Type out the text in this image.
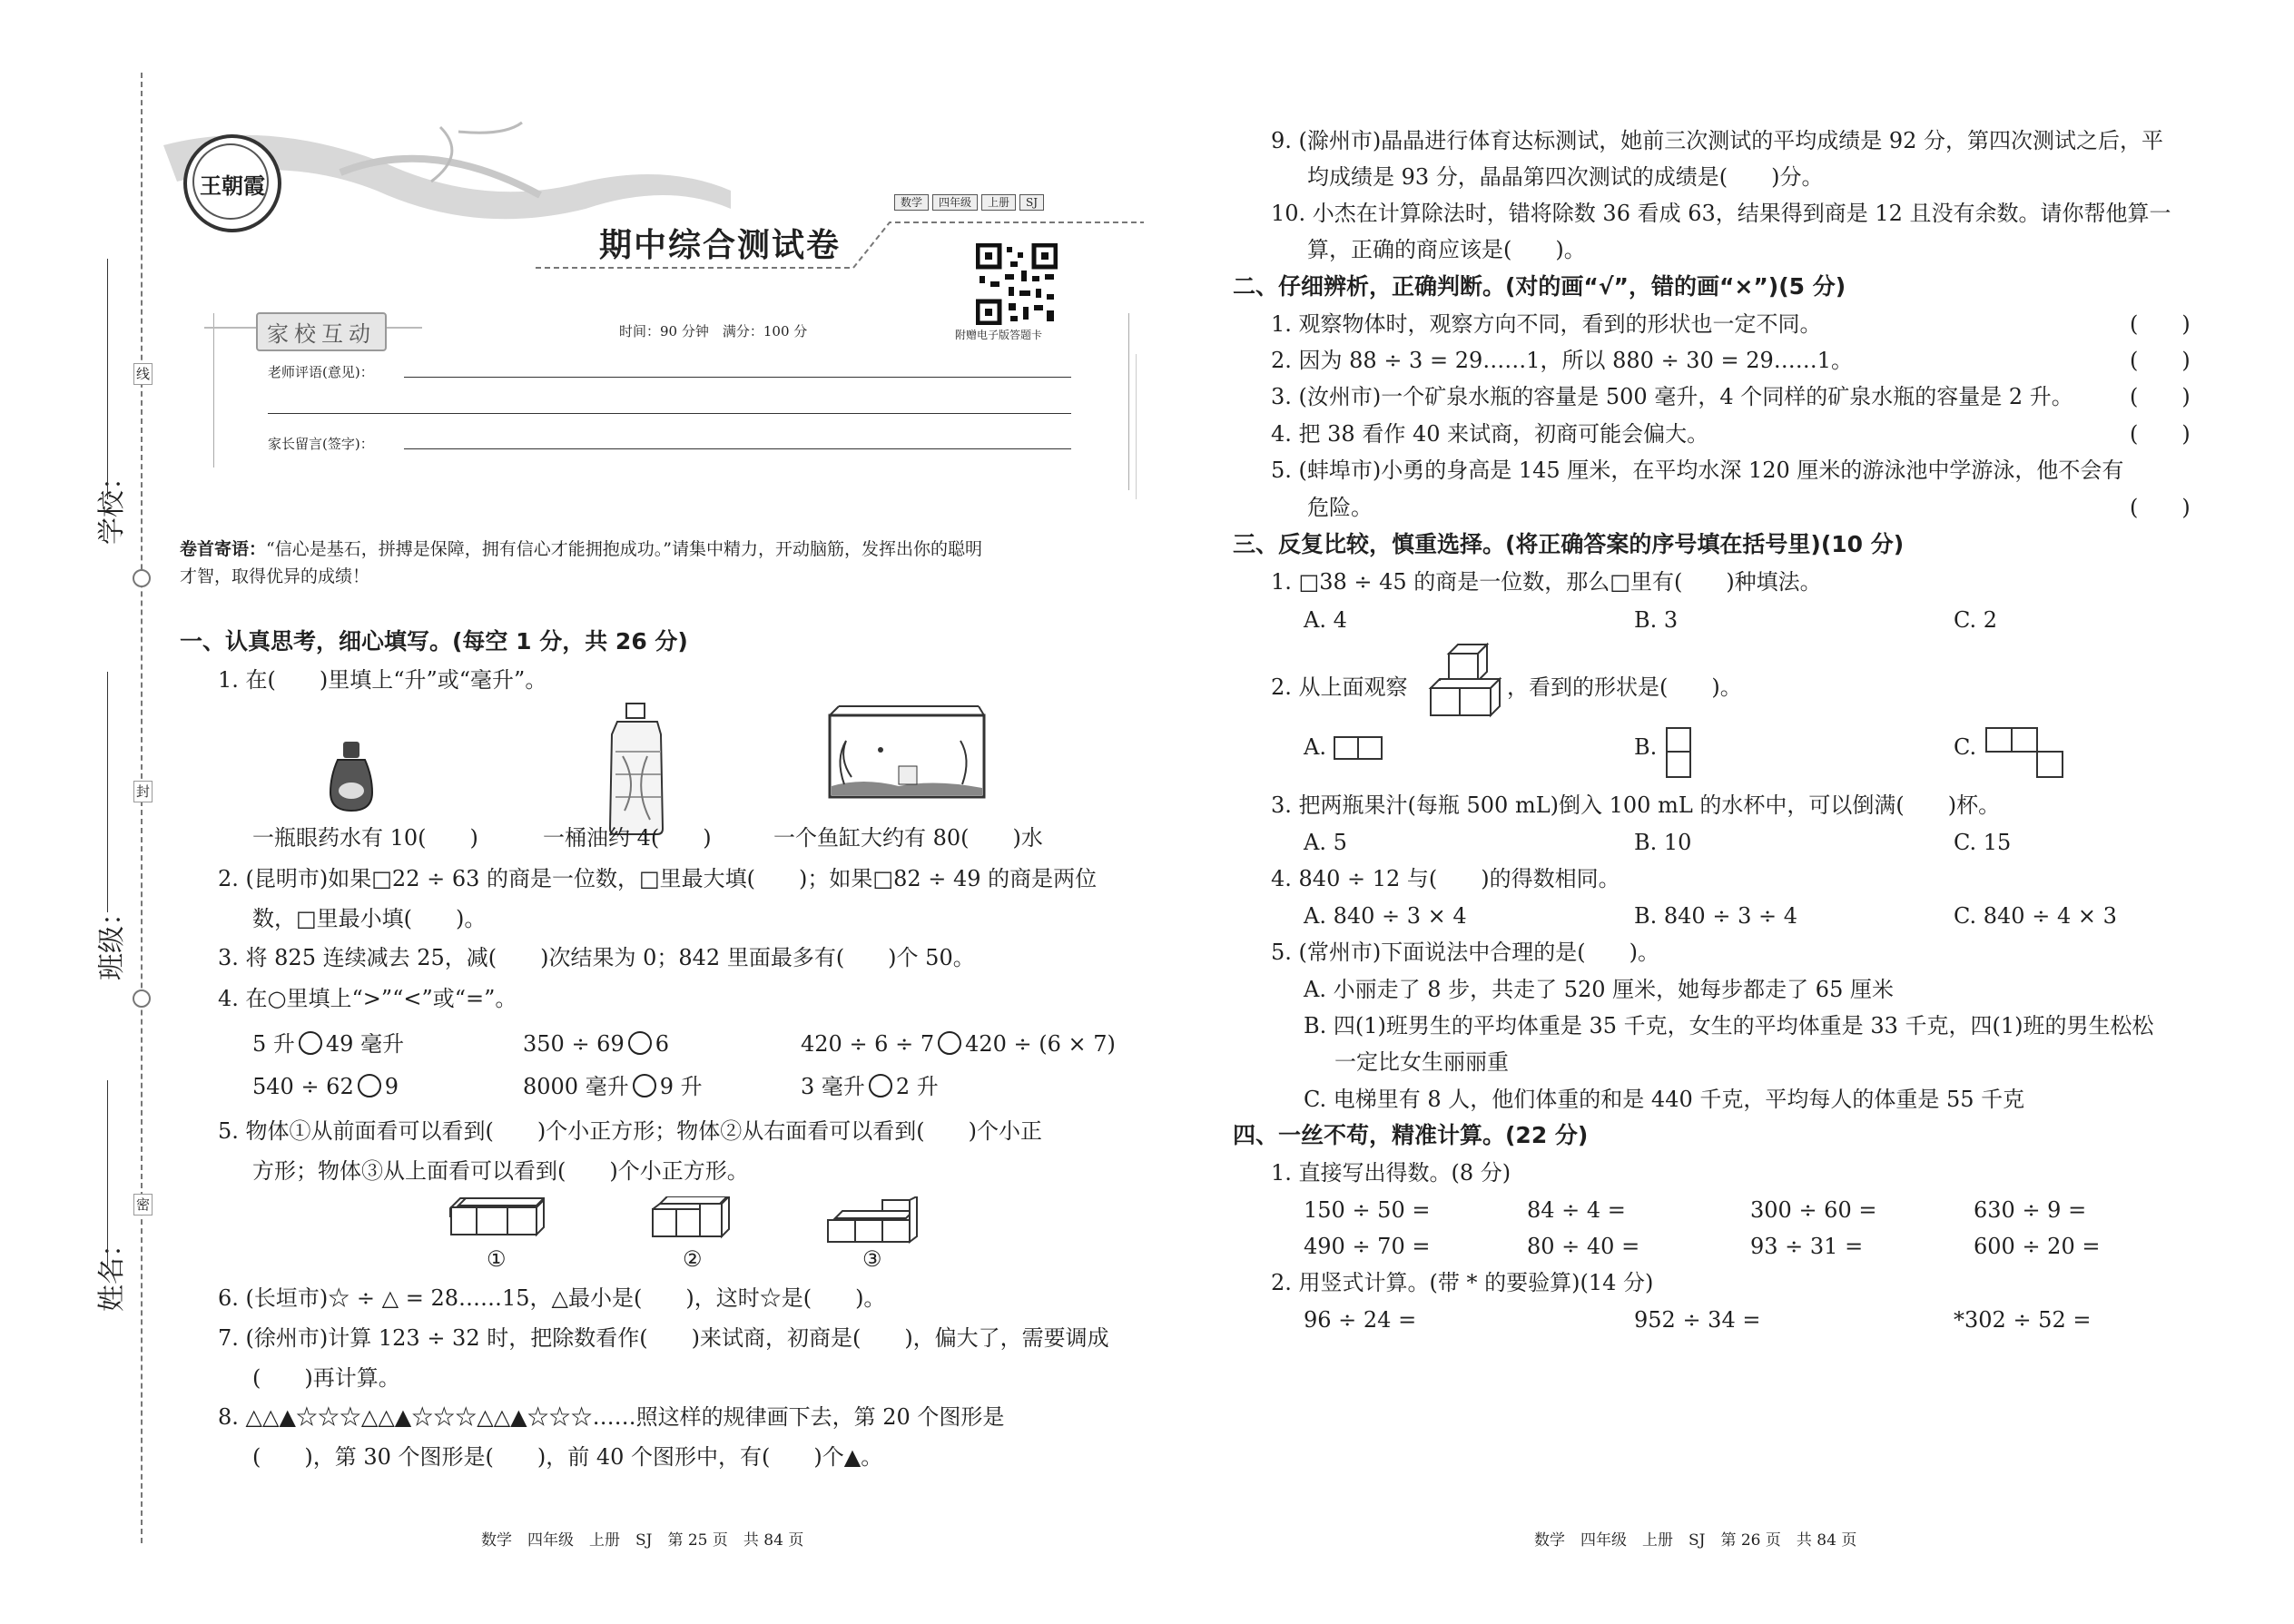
学校：
班级：
姓名：
线
封
密
王朝霞
数学	四年级	上册	SJ
期中综合测试卷
附赠电子版答题卡
家校互动	时间：90 分钟　满分：100 分
老师评语(意见)：
家长留言(签字)：
卷首寄语：“信心是基石，拼搏是保障，拥有信心才能拥抱成功。”请集中精力，开动脑筋，发挥出你的聪明
才智，取得优异的成绩！
一、认真思考，细心填写。(每空 1 分，共 26 分)
1. 在(　　)里填上“升”或“毫升”。
一瓶眼药水有 10(　　)	一桶油约 4(　　)	一个鱼缸大约有 80(　　)水
2. (昆明市)如果□22 ÷ 63 的商是一位数，□里最大填(　　)；如果□82 ÷ 49 的商是两位
数，□里最小填(　　)。
3. 将 825 连续减去 25，减(　　)次结果为 0；842 里面最多有(　　)个 50。
4. 在○里填上“>”“<”或“=”。
5 升 49 毫升	350 ÷ 69 6	420 ÷ 6 ÷ 7 420 ÷ (6 × 7)
540 ÷ 62 9	8000 毫升 9 升	3 毫升 2 升
5. 物体①从前面看可以看到(　　)个小正方形；物体②从右面看可以看到(　　)个小正
方形；物体③从上面看可以看到(　　)个小正方形。
①	②	③
6. (长垣市)☆ ÷ △ = 28……15，△最小是(　　)，这时☆是(　　)。
7. (徐州市)计算 123 ÷ 32 时，把除数看作(　　)来试商，初商是(　　)，偏大了，需要调成
(　　)再计算。
8. △△▲☆☆☆△△▲☆☆☆△△▲☆☆☆……照这样的规律画下去，第 20 个图形是
(　　)，第 30 个图形是(　　)，前 40 个图形中，有(　　)个▲。
9. (滁州市)晶晶进行体育达标测试，她前三次测试的平均成绩是 92 分，第四次测试之后，平
均成绩是 93 分，晶晶第四次测试的成绩是(　　)分。
10. 小杰在计算除法时，错将除数 36 看成 63，结果得到商是 12 且没有余数。请你帮他算一
算，正确的商应该是(　　)。
二、仔细辨析，正确判断。(对的画“√”，错的画“×”)(5 分)
1. 观察物体时，观察方向不同，看到的形状也一定不同。	(　　)
2. 因为 88 ÷ 3 = 29……1，所以 880 ÷ 30 = 29……1。	(　　)
3. (汝州市)一个矿泉水瓶的容量是 500 毫升，4 个同样的矿泉水瓶的容量是 2 升。	(　　)
4. 把 38 看作 40 来试商，初商可能会偏大。	(　　)
5. (蚌埠市)小勇的身高是 145 厘米，在平均水深 120 厘米的游泳池中学游泳，他不会有
危险。	(　　)
三、反复比较，慎重选择。(将正确答案的序号填在括号里)(10 分)
1. □38 ÷ 45 的商是一位数，那么□里有(　　)种填法。
A. 4	B. 3	C. 2
2. 从上面观察	，看到的形状是(　　)。
A.	B.	C.
3. 把两瓶果汁(每瓶 500 mL)倒入 100 mL 的水杯中，可以倒满(　　)杯。
A. 5	B. 10	C. 15
4. 840 ÷ 12 与(　　)的得数相同。
A. 840 ÷ 3 × 4	B. 840 ÷ 3 ÷ 4	C. 840 ÷ 4 × 3
5. (常州市)下面说法中合理的是(　　)。
A. 小丽走了 8 步，共走了 520 厘米，她每步都走了 65 厘米
B. 四(1)班男生的平均体重是 35 千克，女生的平均体重是 33 千克，四(1)班的男生松松
一定比女生丽丽重
C. 电梯里有 8 人，他们体重的和是 440 千克，平均每人的体重是 55 千克
四、一丝不苟，精准计算。(22 分)
1. 直接写出得数。(8 分)
150 ÷ 50 =	84 ÷ 4 =	300 ÷ 60 =	630 ÷ 9 =
490 ÷ 70 =	80 ÷ 40 =	93 ÷ 31 =	600 ÷ 20 =
2. 用竖式计算。(带 * 的要验算)(14 分)
96 ÷ 24 =	952 ÷ 34 =	*302 ÷ 52 =
数学　四年级　上册　SJ　第 25 页　共 84 页	数学　四年级　上册　SJ　第 26 页　共 84 页
